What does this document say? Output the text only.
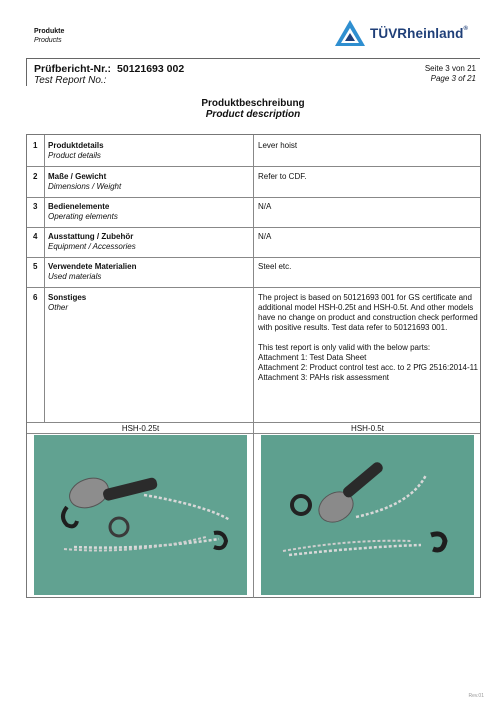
Produkte
Products	TÜVRheinland®
Prüfbericht-Nr.: 50121693 002
Test Report No.:
Seite 3 von 21
Page 3 of 21
Produktbeschreibung
Product description
1 Produktdetails
Product details
Lever hoist
2 Maße / Gewicht
Dimensions / Weight
Refer to CDF.
3 Bedienelemente
Operating elements
N/A
4 Ausstattung / Zubehör
Equipment / Accessories
N/A
5 Verwendete Materialien
Used materials
Steel etc.
6 Sonstiges
Other

The project is based on 50121693 001 for GS certificate and additional model HSH-0.25t and HSH-0.5t. And other models have no change on product and construction check performed with positive results. Test data refer to 50121693 001.

This test report is only valid with the below parts:

Attachment 1: Test Data Sheet

Attachment 2: Product control test acc. to 2 PfG 2516:2014-11

Attachment 3: PAHs risk assessment

HSH-0.25t	HSH-0.5t
Rev.01
